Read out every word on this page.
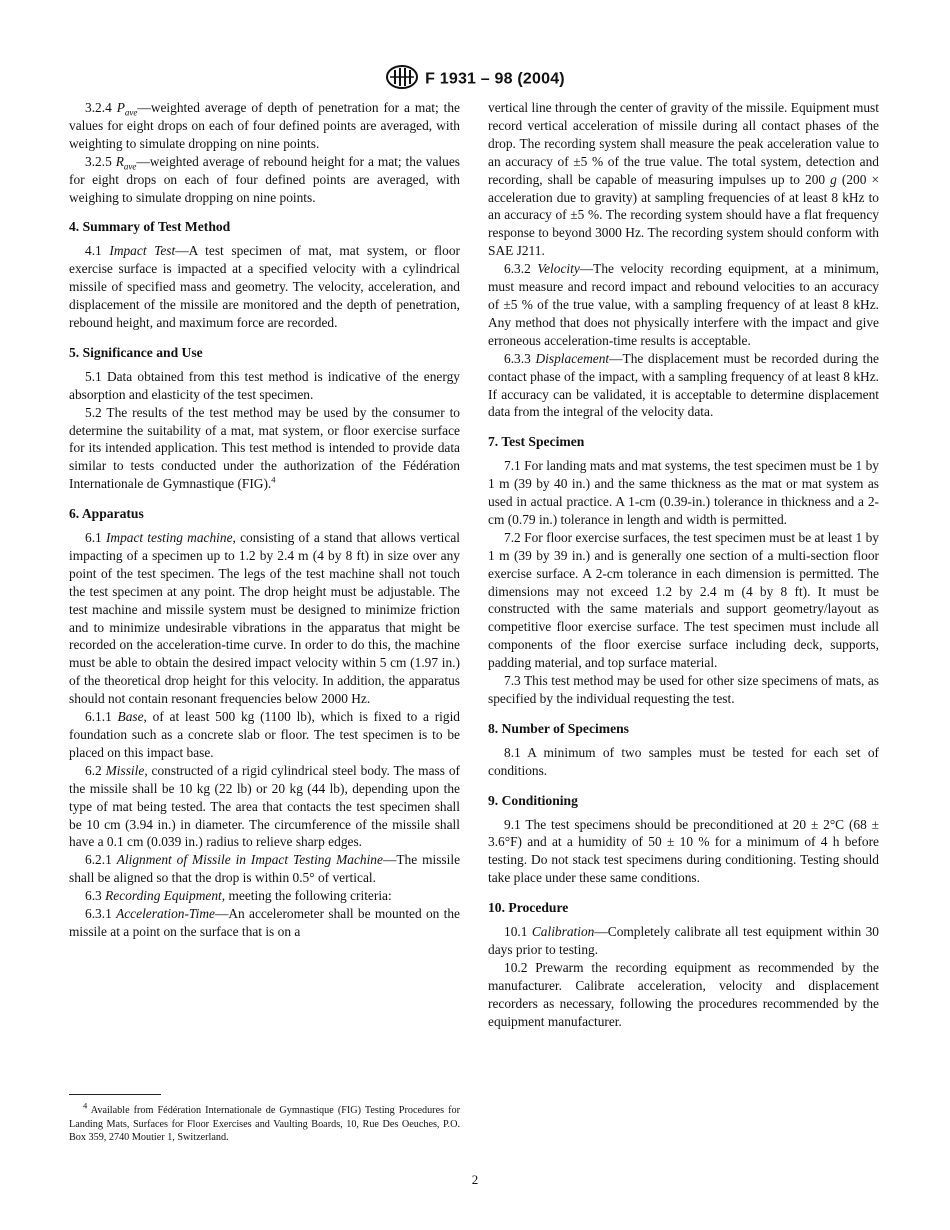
F 1931 – 98 (2004)

3.2.4 $P_{ave}—weighted$ average of depth of penetration for a mat; the values for eight drops on each of four defined points are averaged, with weighting to simulate dropping on nine points.

3.2.5 $R_{ave}—weighted$ average of rebound height for a mat; the values for eight drops on each of four defined points are averaged, with weighing to simulate dropping on nine points.

4. Summary of Test Method

4.1 Impact Test—A test specimen of mat, mat system, or floor exercise surface is impacted at a specified velocity with a cylindrical missile of specified mass and geometry. The velocity, acceleration, and displacement of the missile are monitored and the depth of penetration, rebound height, and maximum force are recorded.

5. Significance and Use

5.1 Data obtained from this test method is indicative of the energy absorption and elasticity of the test specimen.

5.2 The results of the test method may be used by the consumer to determine the suitability of a mat, mat system, or floor exercise surface for its intended application. This test method is intended to provide data similar to tests conducted under the authorization of the Fédération Internationale de Gymnastique (FIG).$^4$

6. Apparatus

6.1 Impact testing machine, consisting of a stand that allows vertical impacting of a specimen up to 1.2 by 2.4 m (4 by 8 ft) in size over any point of the test specimen. The legs of the test machine shall not touch the test specimen at any point. The drop height must be adjustable. The test machine and missile system must be designed to minimize friction and to minimize undesirable vibrations in the apparatus that might be recorded on the acceleration-time curve. In order to do this, the machine must be able to obtain the desired impact velocity within 5 cm (1.97 in.) of the theoretical drop height for this velocity. In addition, the apparatus should not contain resonant frequencies below 2000 Hz.

6.1.1 Base, of at least 500 kg (1100 lb), which is fixed to a rigid foundation such as a concrete slab or floor. The test specimen is to be placed on this impact base.

6.2 Missile, constructed of a rigid cylindrical steel body. The mass of the missile shall be 10 kg (22 lb) or 20 kg (44 lb), depending upon the type of mat being tested. The area that contacts the test specimen shall be 10 cm (3.94 in.) in diameter. The circumference of the missile shall have a 0.1 cm (0.039 in.) radius to relieve sharp edges.

6.2.1 Alignment of Missile in Impact Testing Machine—The missile shall be aligned so that the drop is within 0.5° of vertical.

6.3 Recording Equipment, meeting the following criteria:

6.3.1 Acceleration-Time—An accelerometer shall be mounted on the missile at a point on the surface that is on a

vertical line through the center of gravity of the missile. Equipment must record vertical acceleration of missile during all contact phases of the drop. The recording system shall measure the peak acceleration value to an accuracy of ±5 % of the true value. The total system, detection and recording, shall be capable of measuring impulses up to 200 g (200 × acceleration due to gravity) at sampling frequencies of at least 8 kHz to an accuracy of ±5 %. The recording system should have a flat frequency response to beyond 3000 Hz. The recording system should conform with SAE J211.

6.3.2 Velocity—The velocity recording equipment, at a minimum, must measure and record impact and rebound velocities to an accuracy of ±5 % of the true value, with a sampling frequency of at least 8 kHz. Any method that does not physically interfere with the impact and give erroneous acceleration-time results is acceptable.

6.3.3 Displacement—The displacement must be recorded during the contact phase of the impact, with a sampling frequency of at least 8 kHz. If accuracy can be validated, it is acceptable to determine displacement data from the integral of the velocity data.

7. Test Specimen

7.1 For landing mats and mat systems, the test specimen must be 1 by 1 m (39 by 40 in.) and the same thickness as the mat or mat system as used in actual practice. A 1-cm (0.39-in.) tolerance in thickness and a 2-cm (0.79 in.) tolerance in length and width is permitted.

7.2 For floor exercise surfaces, the test specimen must be at least 1 by 1 m (39 by 39 in.) and is generally one section of a multi-section floor exercise surface. A 2-cm tolerance in each dimension is permitted. The dimensions may not exceed 1.2 by 2.4 m (4 by 8 ft). It must be constructed with the same materials and support geometry/layout as competitive floor exercise surface. The test specimen must include all components of the floor exercise surface including deck, supports, padding material, and top surface material.

7.3 This test method may be used for other size specimens of mats, as specified by the individual requesting the test.

8. Number of Specimens

8.1 A minimum of two samples must be tested for each set of conditions.

9. Conditioning

9.1 The test specimens should be preconditioned at 20 ± 2°C (68 ± 3.6°F) and at a humidity of 50 ± 10 % for a minimum of 4 h before testing. Do not stack test specimens during conditioning. Testing should take place under these same conditions.

10. Procedure

10.1 Calibration—Completely calibrate all test equipment within 30 days prior to testing.

10.2 Prewarm the recording equipment as recommended by the manufacturer. Calibrate acceleration, velocity and displacement recorders as necessary, following the procedures recommended by the equipment manufacturer.

$^4$ Available from Fédération Internationale de Gymnastique (FIG) Testing Procedures for Landing Mats, Surfaces for Floor Exercises and Vaulting Boards, 10, Rue Des Oeuches, P.O. Box 359, 2740 Moutier 1, Switzerland.

2
